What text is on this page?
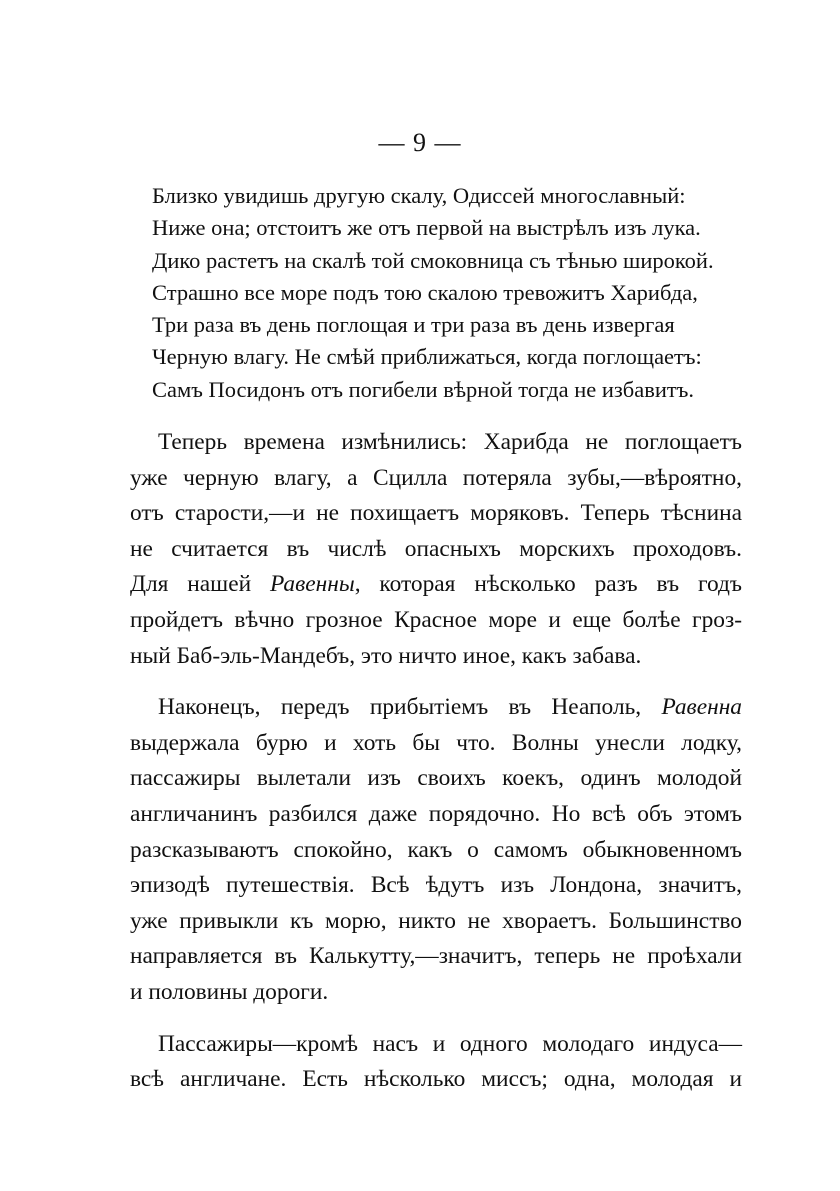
— 9 —
Близко увидишь другую скалу, Одиссей многославный:
Ниже она; отстоитъ же отъ первой на выстрѣлъ изъ лука.
Дико растетъ на скалѣ той смоковница съ тѣнью широкой.
Страшно все море подъ тою скалою тревожитъ Харибда,
Три раза въ день поглощая и три раза въ день извергая
Черную влагу. Не смѣй приближаться, когда поглощаетъ:
Самъ Посидонъ отъ погибели вѣрной тогда не избавитъ.
Теперь времена измѣнились: Харибда не поглощаетъ
уже черную влагу, а Сцилла потеряла зубы,—вѣроятно,
отъ старости,—и не похищаетъ моряковъ. Теперь тѣснина
не считается въ числѣ опасныхъ морскихъ проходовъ.
Для нашей Равенны, которая нѣсколько разъ въ годъ
пройдетъ вѣчно грозное Красное море и еще болѣе гроз-
ный Баб-эль-Мандебъ, это ничто иное, какъ забава.
Наконецъ, передъ прибытіемъ въ Неаполь, Равенна
выдержала бурю и хоть бы что. Волны унесли лодку,
пассажиры вылетали изъ своихъ коекъ, одинъ молодой
англичанинъ разбился даже порядочно. Но всѣ объ этомъ
разсказываютъ спокойно, какъ о самомъ обыкновенномъ
эпизодѣ путешествія. Всѣ ѣдутъ изъ Лондона, значитъ,
уже привыкли къ морю, никто не хвораетъ. Большинство
направляется въ Калькутту,—значитъ, теперь не проѣхали
и половины дороги.
Пассажиры—кромѣ насъ и одного молодаго индуса—
всѣ англичане. Есть нѣсколько миссъ; одна, молодая и
